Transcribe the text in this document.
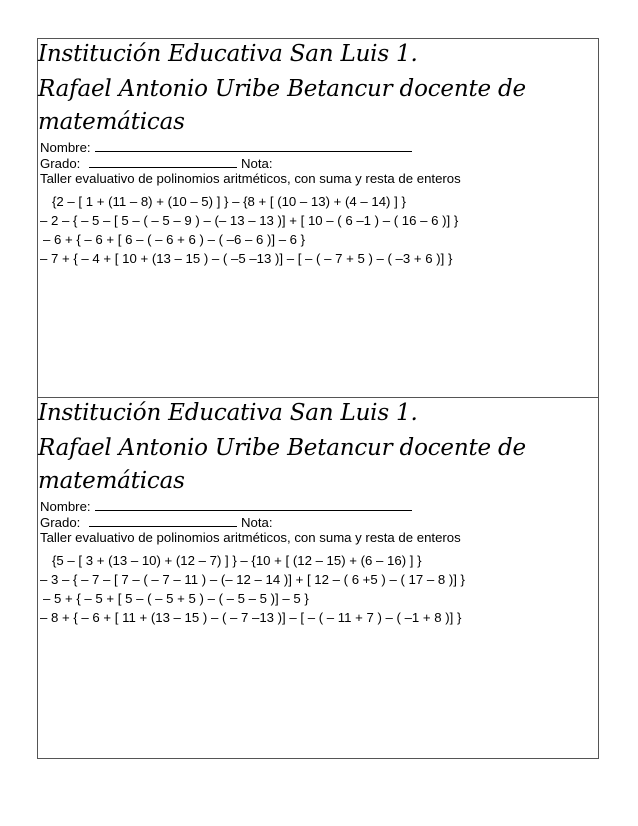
Institución Educativa San Luis 1.
Rafael Antonio Uribe Betancur docente de
matemáticas
Nombre:
Grado:	Nota:
Taller evaluativo de polinomios aritméticos, con suma y resta de enteros
{2 – [ 1 + (11 – 8) + (10 – 5) ] } – {8 + [ (10 – 13) + (4 – 14) ] }
– 2 – { – 5 – [ 5 – ( – 5 – 9 ) – (– 13 – 13 )] + [ 10 – ( 6 –1 ) – ( 16 – 6 )] }
– 6 + { – 6 + [ 6 – ( – 6 + 6 ) – ( –6 – 6 )] – 6 }
– 7 + { – 4 + [ 10 + (13 – 15 ) – ( –5 –13 )] – [ – ( – 7 + 5 ) – ( –3 + 6 )] }
Institución Educativa San Luis 1.
Rafael Antonio Uribe Betancur docente de
matemáticas
Nombre:
Grado:	Nota:
Taller evaluativo de polinomios aritméticos, con suma y resta de enteros
{5 – [ 3 + (13 – 10) + (12 – 7) ] } – {10 + [ (12 – 15) + (6 – 16) ] }
– 3 – { – 7 – [ 7 – ( – 7 – 11 ) – (– 12 – 14 )] + [ 12 – ( 6 +5 ) – ( 17 – 8 )] }
– 5 + { – 5 + [ 5 – ( – 5 + 5 ) – ( – 5 – 5 )] – 5 }
– 8 + { – 6 + [ 11 + (13 – 15 ) – ( – 7 –13 )] – [ – ( – 11 + 7 ) – ( –1 + 8 )] }
